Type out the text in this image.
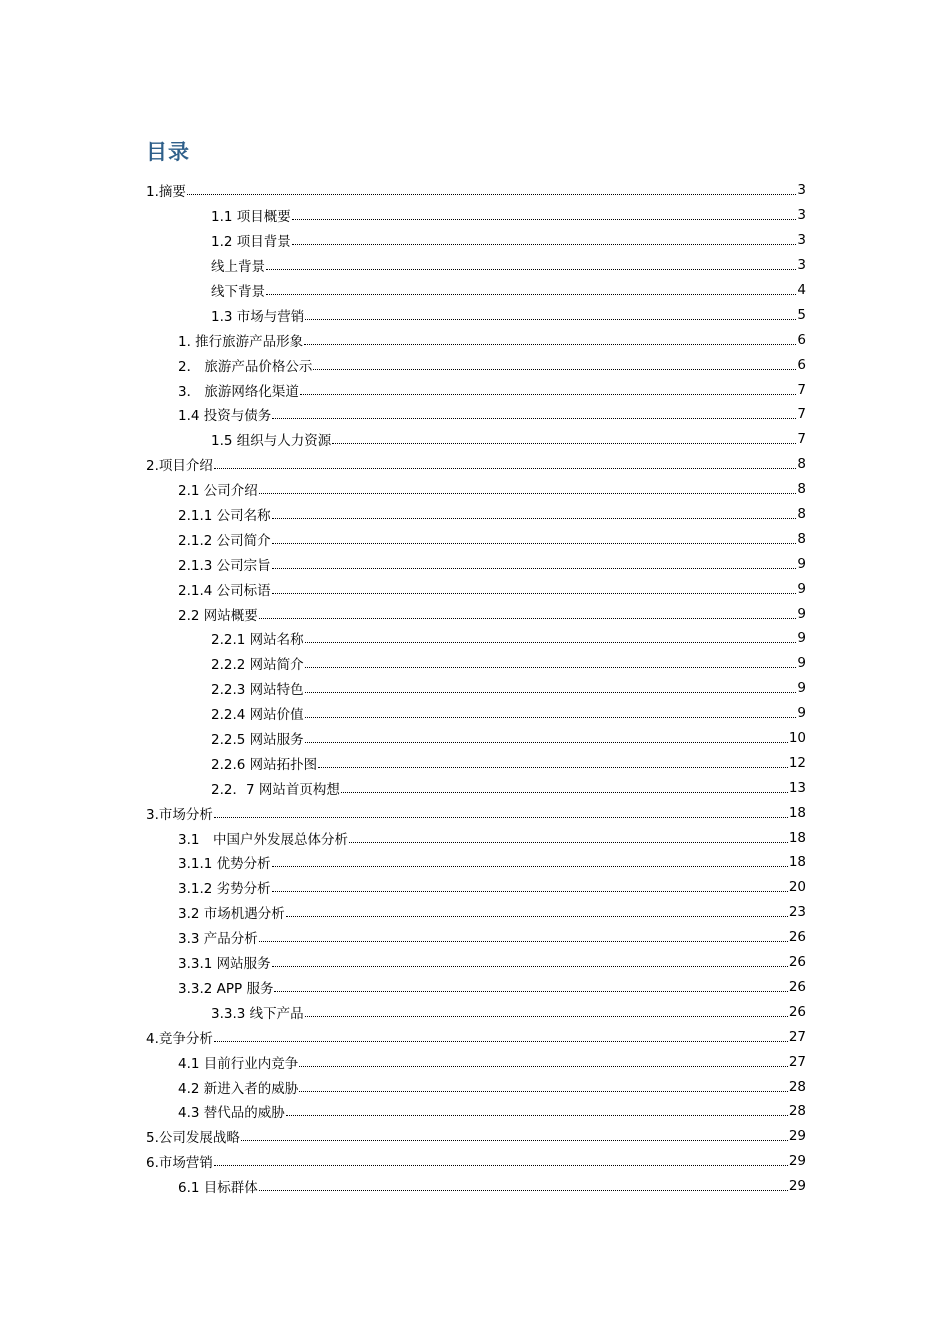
目录
1.摘要	3
1.1 项目概要	3
1.2 项目背景	3
线上背景	3
线下背景	4
1.3 市场与营销	5
1. 推行旅游产品形象	6
2． 旅游产品价格公示	6
3． 旅游网络化渠道	7
1.4 投资与债务	7
1.5 组织与人力资源	7
2.项目介绍	8
2.1 公司介绍	8
2.1.1 公司名称	8
2.1.2 公司简介	8
2.1.3 公司宗旨	9
2.1.4 公司标语	9
2.2 网站概要	9
2.2.1 网站名称	9
2.2.2 网站简介	9
2.2.3 网站特色	9
2.2.4 网站价值	9
2.2.5 网站服务	10
2.2.6 网站拓扑图	12
2.2．7 网站首页构想	13
3.市场分析	18
3.1　中国户外发展总体分析	18
3.1.1 优势分析	18
3.1.2 劣势分析	20
3.2 市场机遇分析	23
3.3 产品分析	26
3.3.1 网站服务	26
3.3.2 APP 服务	26
3.3.3 线下产品	26
4.竞争分析	27
4.1 目前行业内竞争	27
4.2 新进入者的威胁	28
4.3 替代品的威胁	28
5.公司发展战略	29
6.市场营销	29
6.1 目标群体	29
